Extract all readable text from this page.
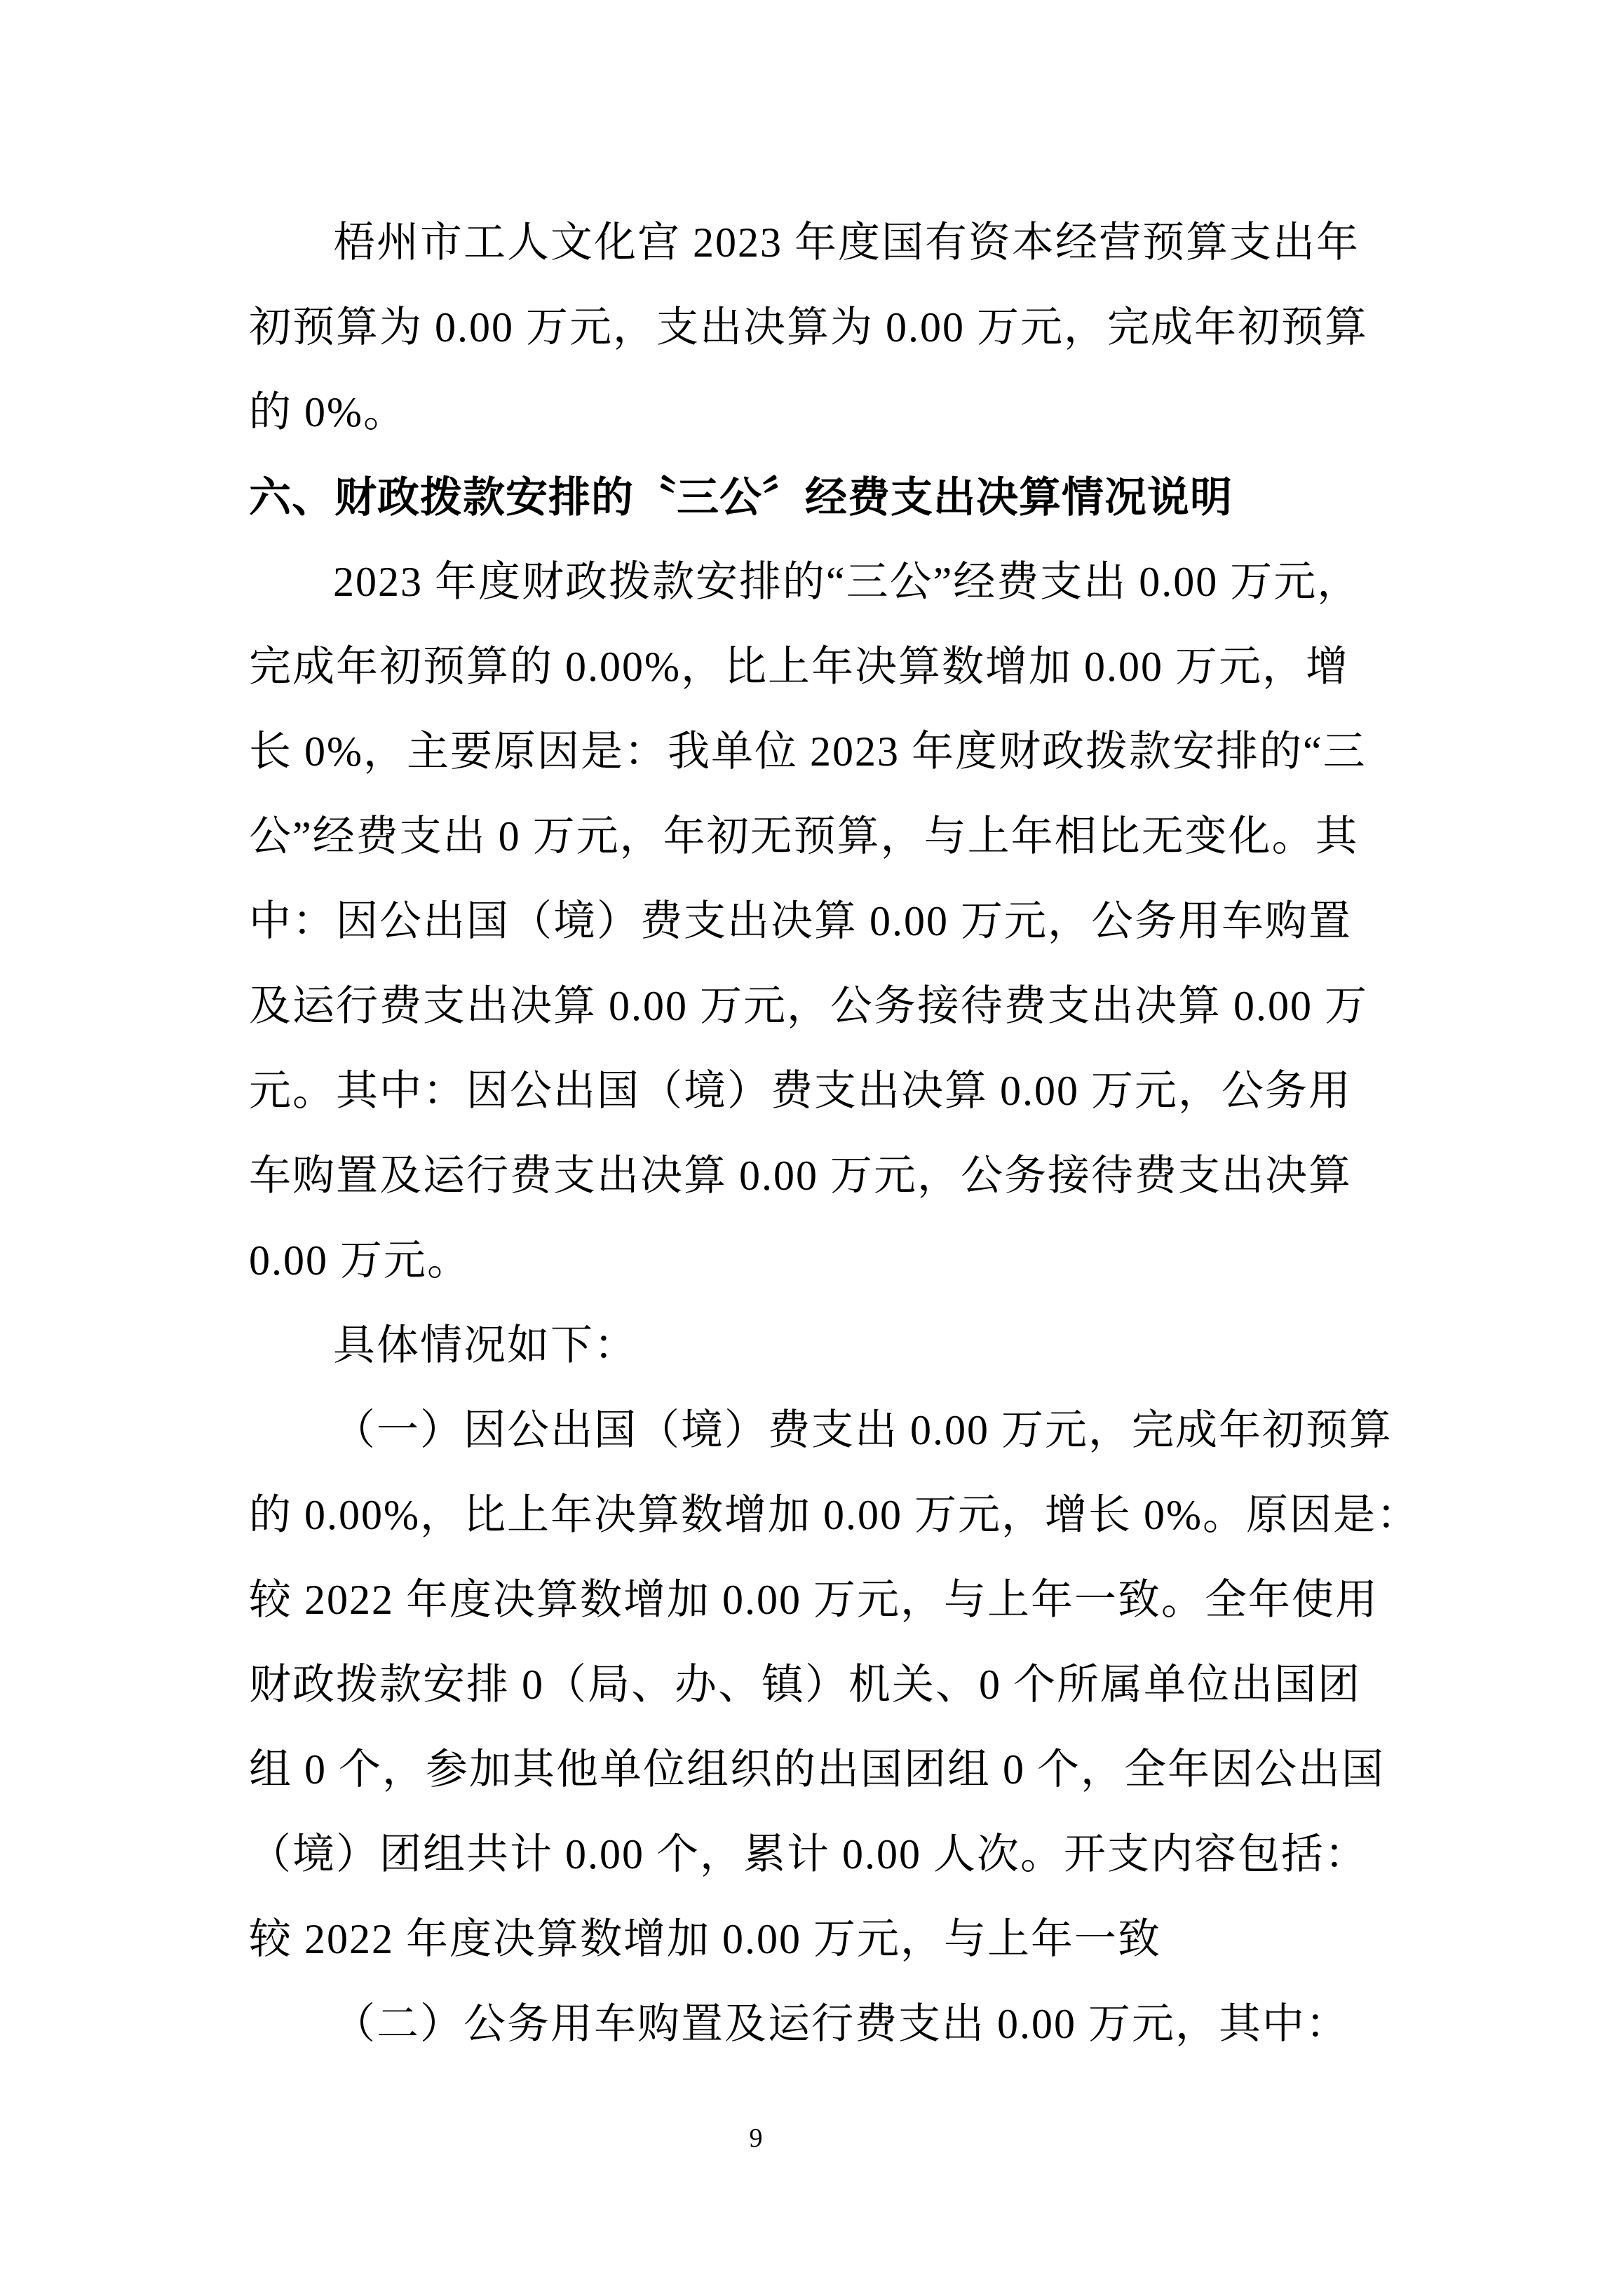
梧州市工人文化宫 2023 年度国有资本经营预算支出年
初预算为 0.00 万元，支出决算为 0.00 万元，完成年初预算
的 0%。
六、财政拨款安排的〝三公〞经费支出决算情况说明
2023 年度财政拨款安排的“三公”经费支出 0.00 万元，
完成年初预算的 0.00%，比上年决算数增加 0.00 万元，增
长 0%，主要原因是：我单位 2023 年度财政拨款安排的“三
公”经费支出 0 万元，年初无预算，与上年相比无变化。其
中：因公出国（境）费支出决算 0.00 万元，公务用车购置
及运行费支出决算 0.00 万元，公务接待费支出决算 0.00 万
元。其中：因公出国（境）费支出决算 0.00 万元，公务用
车购置及运行费支出决算 0.00 万元，公务接待费支出决算
0.00 万元。
具体情况如下：
（一）因公出国（境）费支出 0.00 万元，完成年初预算
的 0.00%，比上年决算数增加 0.00 万元，增长 0%。原因是：
较 2022 年度决算数增加 0.00 万元，与上年一致。全年使用
财政拨款安排 0（局、办、镇）机关、0 个所属单位出国团
组 0 个，参加其他单位组织的出国团组 0 个，全年因公出国
（境）团组共计 0.00 个，累计 0.00 人次。开支内容包括：
较 2022 年度决算数增加 0.00 万元，与上年一致
（二）公务用车购置及运行费支出 0.00 万元，其中：
9
